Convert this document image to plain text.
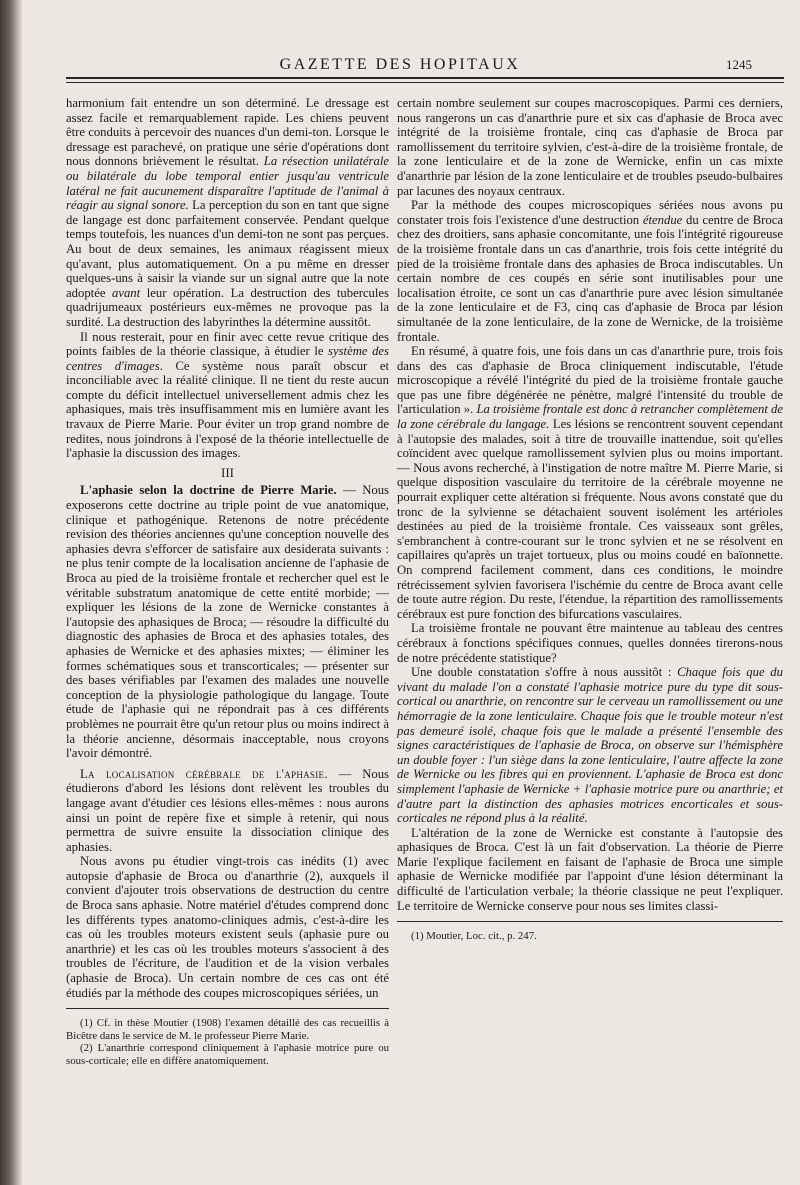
GAZETTE DES HOPITAUX	1245

harmonium fait entendre un son déterminé. Le dressage est assez facile et remarquablement rapide. Les chiens peuvent être conduits à percevoir des nuances d'un demi-ton. Lorsque le dressage est parachevé, on pratique une série d'opérations dont nous donnons brièvement le résultat. La résection unilatérale ou bilatérale du lobe temporal entier jusqu'au ventricule latéral ne fait aucunement disparaître l'aptitude de l'animal à réagir au signal sonore. La perception du son en tant que signe de langage est donc parfaitement conservée. Pendant quelque temps toutefois, les nuances d'un demi-ton ne sont pas perçues. Au bout de deux semaines, les animaux réagissent mieux qu'avant, plus automatiquement. On a pu même en dresser quelques-uns à saisir la viande sur un signal autre que la note adoptée avant leur opération. La destruction des tubercules quadrijumeaux postérieurs eux-mêmes ne provoque pas la surdité. La destruction des labyrinthes la détermine aussitôt.

Il nous resterait, pour en finir avec cette revue critique des points faibles de la théorie classique, à étudier le système des centres d'images. Ce système nous paraît obscur et inconciliable avec la réalité clinique. Il ne tient du reste aucun compte du déficit intellectuel universellement admis chez les aphasiques, mais très insuffisamment mis en lumière avant les travaux de Pierre Marie. Pour éviter un trop grand nombre de redites, nous joindrons à l'exposé de la théorie intellectuelle de l'aphasie la discussion des images.

III

L'aphasie selon la doctrine de Pierre Marie. — Nous exposerons cette doctrine au triple point de vue anatomique, clinique et pathogénique. Retenons de notre précédente revision des théories anciennes qu'une conception nouvelle des aphasies devra s'efforcer de satisfaire aux desiderata suivants : ne plus tenir compte de la localisation ancienne de l'aphasie de Broca au pied de la troisième frontale et rechercher quel est le véritable substratum anatomique de cette entité morbide; — expliquer les lésions de la zone de Wernicke constantes à l'autopsie des aphasiques de Broca; — résoudre la difficulté du diagnostic des aphasies de Broca et des aphasies totales, des aphasies de Wernicke et des aphasies mixtes; — éliminer les formes schématiques sous et transcorticales; — présenter sur des bases vérifiables par l'examen des malades une nouvelle conception de la physiologie pathologique du langage. Toute étude de l'aphasie qui ne répondrait pas à ces différents problèmes ne pourrait être qu'un retour plus ou moins indirect à la théorie ancienne, désormais inacceptable, nous croyons l'avoir démontré.

La localisation cérébrale de l'aphasie. — Nous étudierons d'abord les lésions dont relèvent les troubles du langage avant d'étudier ces lésions elles-mêmes : nous aurons ainsi un point de repère fixe et simple à retenir, qui nous permettra de suivre ensuite la dissociation clinique des aphasies.

Nous avons pu étudier vingt-trois cas inédits (1) avec autopsie d'aphasie de Broca ou d'anarthrie (2), auxquels il convient d'ajouter trois observations de destruction du centre de Broca sans aphasie. Notre matériel d'études comprend donc les différents types anatomo-cliniques admis, c'est-à-dire les cas où les troubles moteurs existent seuls (aphasie pure ou anarthrie) et les cas où les troubles moteurs s'associent à des troubles de l'écriture, de l'audition et de la vision verbales (aphasie de Broca). Un certain nombre de ces cas ont été étudiés par la méthode des coupes microscopiques sériées, un

(1) Cf. in thèse Moutier (1908) l'examen détaillé des cas recueillis à Bicêtre dans le service de M. le professeur Pierre Marie.

(2) L'anarthrie correspond cliniquement à l'aphasie motrice pure ou sous-corticale; elle en diffère anatomiquement.

certain nombre seulement sur coupes macroscopiques. Parmi ces derniers, nous rangerons un cas d'anarthrie pure et six cas d'aphasie de Broca avec intégrité de la troisième frontale, cinq cas d'aphasie de Broca par ramollissement du territoire sylvien, c'est-à-dire de la troisième frontale, de la zone lenticulaire et de la zone de Wernicke, enfin un cas mixte d'anarthrie par lésion de la zone lenticulaire et de troubles pseudo-bulbaires par lacunes des noyaux centraux.

Par la méthode des coupes microscopiques sériées nous avons pu constater trois fois l'existence d'une destruction étendue du centre de Broca chez des droitiers, sans aphasie concomitante, une fois l'intégrité rigoureuse de la troisième frontale dans un cas d'anarthrie, trois fois cette intégrité du pied de la troisième frontale dans des aphasies de Broca indiscutables. Un certain nombre de ces coupés en série sont inutilisables pour une localisation étroite, ce sont un cas d'anarthrie pure avec lésion simultanée de la zone lenticulaire et de F3, cinq cas d'aphasie de Broca par lésion simultanée de la zone lenticulaire, de la zone de Wernicke, de la troisième frontale.

En résumé, à quatre fois, une fois dans un cas d'anarthrie pure, trois fois dans des cas d'aphasie de Broca cliniquement indiscutable, l'étude microscopique a révélé l'intégrité du pied de la troisième frontale gauche que pas une fibre dégénérée ne pénètre, malgré l'intensité du trouble de l'articulation ». La troisième frontale est donc à retrancher complètement de la zone cérébrale du langage. Les lésions se rencontrent souvent cependant à l'autopsie des malades, soit à titre de trouvaille inattendue, soit qu'elles coïncident avec quelque ramollissement sylvien plus ou moins important. — Nous avons recherché, à l'instigation de notre maître M. Pierre Marie, si quelque disposition vasculaire du territoire de la cérébrale moyenne ne pourrait expliquer cette altération si fréquente. Nous avons constaté que du tronc de la sylvienne se détachaient souvent isolément les artérioles destinées au pied de la troisième frontale. Ces vaisseaux sont grêles, s'embranchent à contre-courant sur le tronc sylvien et ne se résolvent en capillaires qu'après un trajet tortueux, plus ou moins coudé en baïonnette. On comprend facilement comment, dans ces conditions, le moindre rétrécissement sylvien favorisera l'ischémie du centre de Broca avant celle de toute autre région. Du reste, l'étendue, la répartition des ramollissements cérébraux est pure fonction des bifurcations vasculaires.

La troisième frontale ne pouvant être maintenue au tableau des centres cérébraux à fonctions spécifiques connues, quelles données tirerons-nous de notre précédente statistique?

Une double constatation s'offre à nous aussitôt : Chaque fois que du vivant du malade l'on a constaté l'aphasie motrice pure du type dit sous-cortical ou anarthrie, on rencontre sur le cerveau un ramollissement ou une hémorragie de la zone lenticulaire. Chaque fois que le trouble moteur n'est pas demeuré isolé, chaque fois que le malade a présenté l'ensemble des signes caractéristiques de l'aphasie de Broca, on observe sur l'hémisphère un double foyer : l'un siège dans la zone lenticulaire, l'autre affecte la zone de Wernicke ou les fibres qui en proviennent. L'aphasie de Broca est donc simplement l'aphasie de Wernicke + l'aphasie motrice pure ou anarthrie; et d'autre part la distinction des aphasies motrices encorticales et sous-corticales ne répond plus à la réalité.

L'altération de la zone de Wernicke est constante à l'autopsie des aphasiques de Broca. C'est là un fait d'observation. La théorie de Pierre Marie l'explique facilement en faisant de l'aphasie de Broca une simple aphasie de Wernicke modifiée par l'appoint d'une lésion déterminant la difficulté de l'articulation verbale; la théorie classique ne peut l'expliquer. Le territoire de Wernicke conserve pour nous ses limites classi-

(1) Moutier, Loc. cit., p. 247.
